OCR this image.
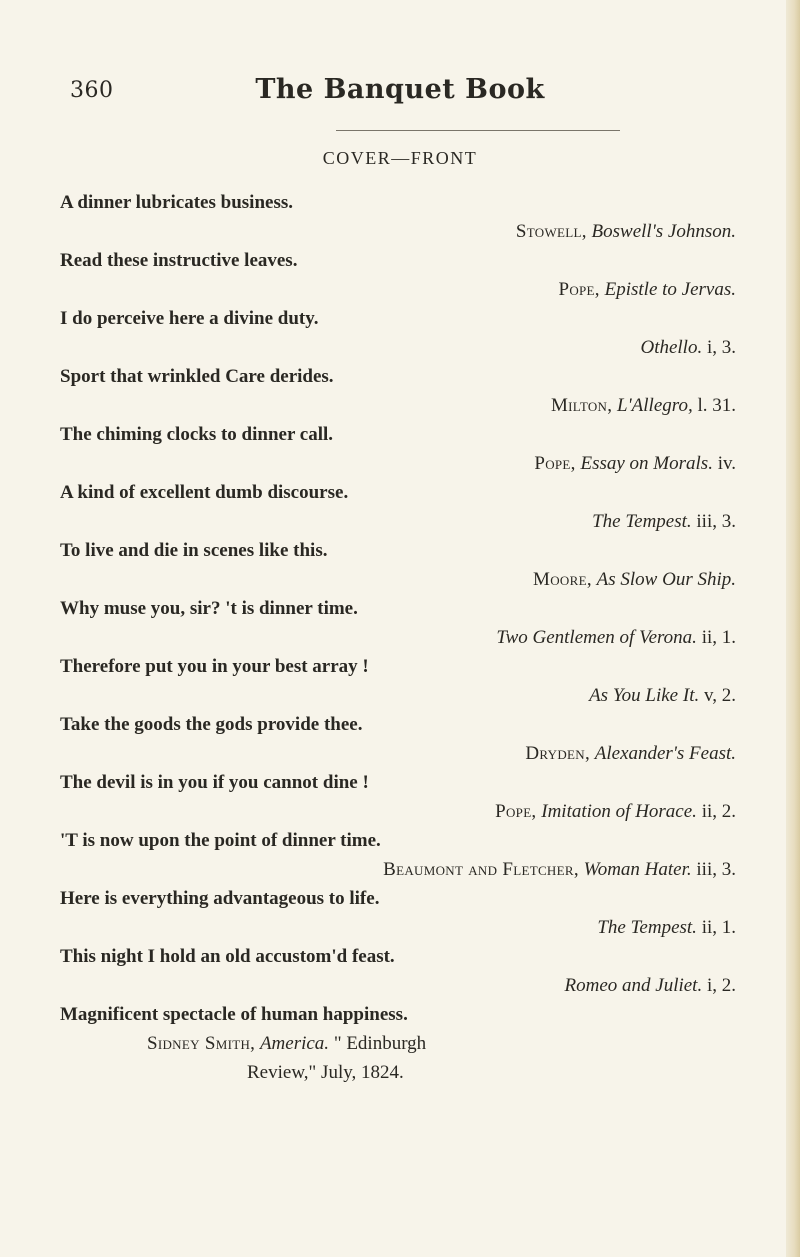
360	The Banquet Book
COVER—FRONT
A dinner lubricates business.
Stowell, Boswell's Johnson.
Read these instructive leaves.
Pope, Epistle to Jervas.
I do perceive here a divine duty.
Othello. i, 3.
Sport that wrinkled Care derides.
Milton, L'Allegro, l. 31.
The chiming clocks to dinner call.
Pope, Essay on Morals. iv.
A kind of excellent dumb discourse.
The Tempest. iii, 3.
To live and die in scenes like this.
Moore, As Slow Our Ship.
Why muse you, sir? 't is dinner time.
Two Gentlemen of Verona. ii, 1.
Therefore put you in your best array !
As You Like It. v, 2.
Take the goods the gods provide thee.
Dryden, Alexander's Feast.
The devil is in you if you cannot dine !
Pope, Imitation of Horace. ii, 2.
'T is now upon the point of dinner time.
Beaumont and Fletcher, Woman Hater. iii, 3.
Here is everything advantageous to life.
The Tempest. ii, 1.
This night I hold an old accustom'd feast.
Romeo and Juliet. i, 2.
Magnificent spectacle of human happiness.
Sidney Smith, America. " Edinburgh
Review," July, 1824.
